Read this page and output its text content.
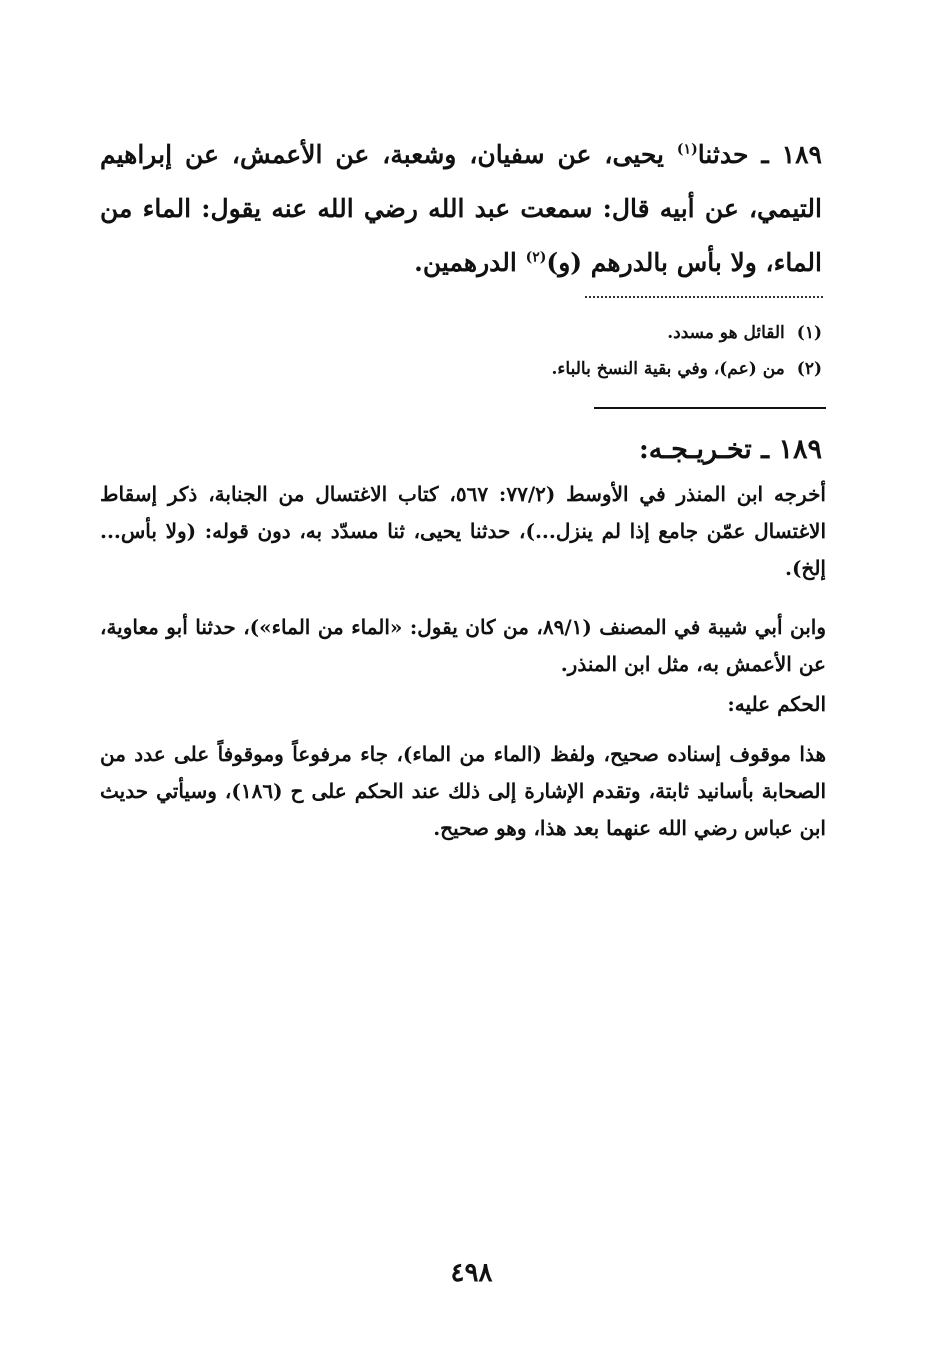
١٨٩ ـ حدثنا$^{(١)}$ يحيى، عن سفيان، وشعبة، عن الأعمش، عن إبراهيم التيمي، عن أبيه قال: سمعت عبد الله رضي الله عنه يقول: الماء من الماء، ولا بأس بالدرهم (و)$^{(٢)}$ الدرهمين.
(١)القائل هو مسدد.
(٢)من (عم)، وفي بقية النسخ بالباء.
١٨٩ ـ تخـريـجـه:
أخرجه ابن المنذر في الأوسط (٧٧/٢: ٥٦٧، كتاب الاغتسال من الجنابة، ذكر إسقاط الاغتسال عمّن جامع إذا لم ينزل...)، حدثنا يحيى، ثنا مسدّد به، دون قوله: (ولا بأس... إلخ).
وابن أبي شيبة في المصنف (٨٩/١، من كان يقول: «الماء من الماء»)، حدثنا أبو معاوية، عن الأعمش به، مثل ابن المنذر.
الحكم عليه:
هذا موقوف إسناده صحيح، ولفظ (الماء من الماء)، جاء مرفوعاً وموقوفاً على عدد من الصحابة بأسانيد ثابتة، وتقدم الإشارة إلى ذلك عند الحكم على ح (١٨٦)، وسيأتي حديث ابن عباس رضي الله عنهما بعد هذا، وهو صحيح.
٤٩٨
